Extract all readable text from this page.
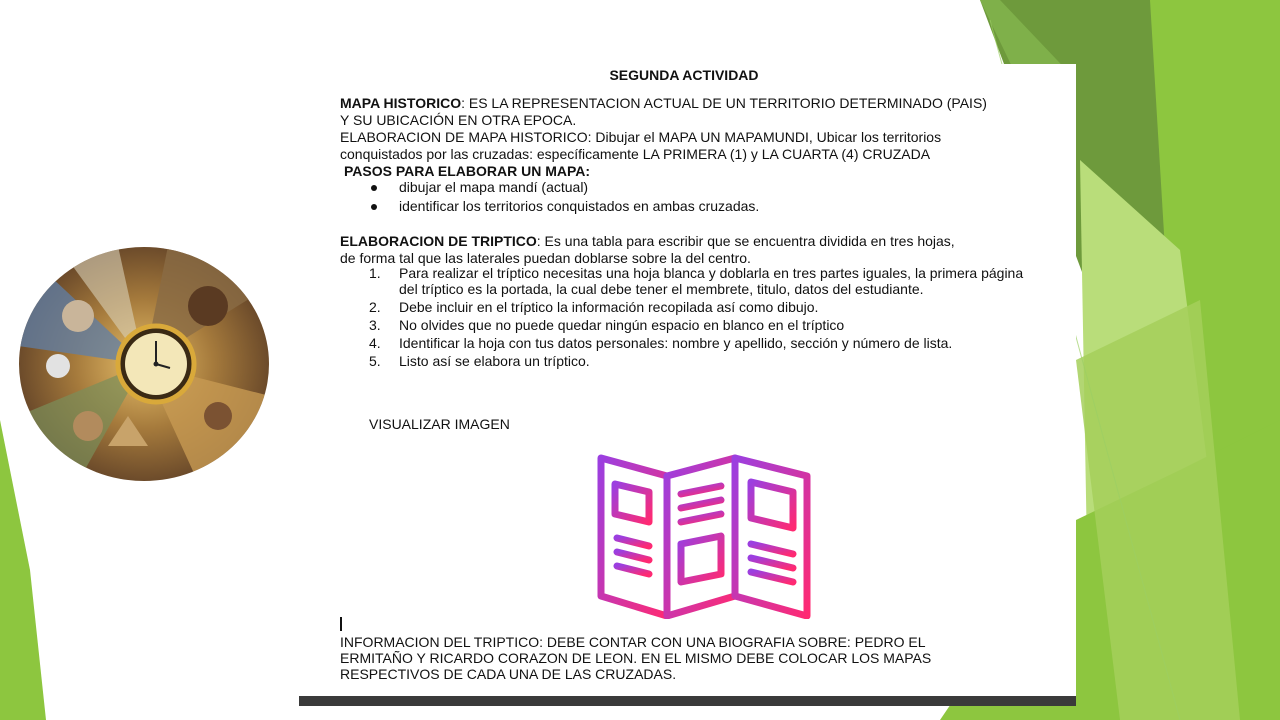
SEGUNDA ACTIVIDAD
MAPA HISTORICO: ES LA REPRESENTACION ACTUAL DE UN TERRITORIO DETERMINADO (PAIS)
Y SU UBICACIÓN EN OTRA EPOCA.
ELABORACION DE MAPA HISTORICO: Dibujar el MAPA UN MAPAMUNDI, Ubicar los territorios
conquistados por las cruzadas: específicamente LA PRIMERA (1) y LA CUARTA (4) CRUZADA
PASOS PARA ELABORAR UN MAPA:
dibujar el mapa mandí (actual)
identificar los territorios conquistados en ambas cruzadas.
ELABORACION DE TRIPTICO: Es una tabla para escribir que se encuentra dividida en tres hojas,
de forma tal que las laterales puedan doblarse sobre la del centro.
1. Para realizar el tríptico necesitas una hoja blanca y doblarla en tres partes iguales, la primera página del tríptico es la portada, la cual debe tener el membrete, titulo, datos del estudiante.
2. Debe incluir en el tríptico la información recopilada así como dibujo.
3. No olvides que no puede quedar ningún espacio en blanco en el tríptico
4. Identificar la hoja con tus datos personales: nombre y apellido, sección y número de lista.
5. Listo así se elabora un tríptico.
VISUALIZAR IMAGEN
INFORMACION DEL TRIPTICO: DEBE CONTAR CON UNA BIOGRAFIA SOBRE: PEDRO EL
ERMITAÑO Y RICARDO CORAZON DE LEON. EN EL MISMO DEBE COLOCAR LOS MAPAS
RESPECTIVOS DE CADA UNA DE LAS CRUZADAS.
